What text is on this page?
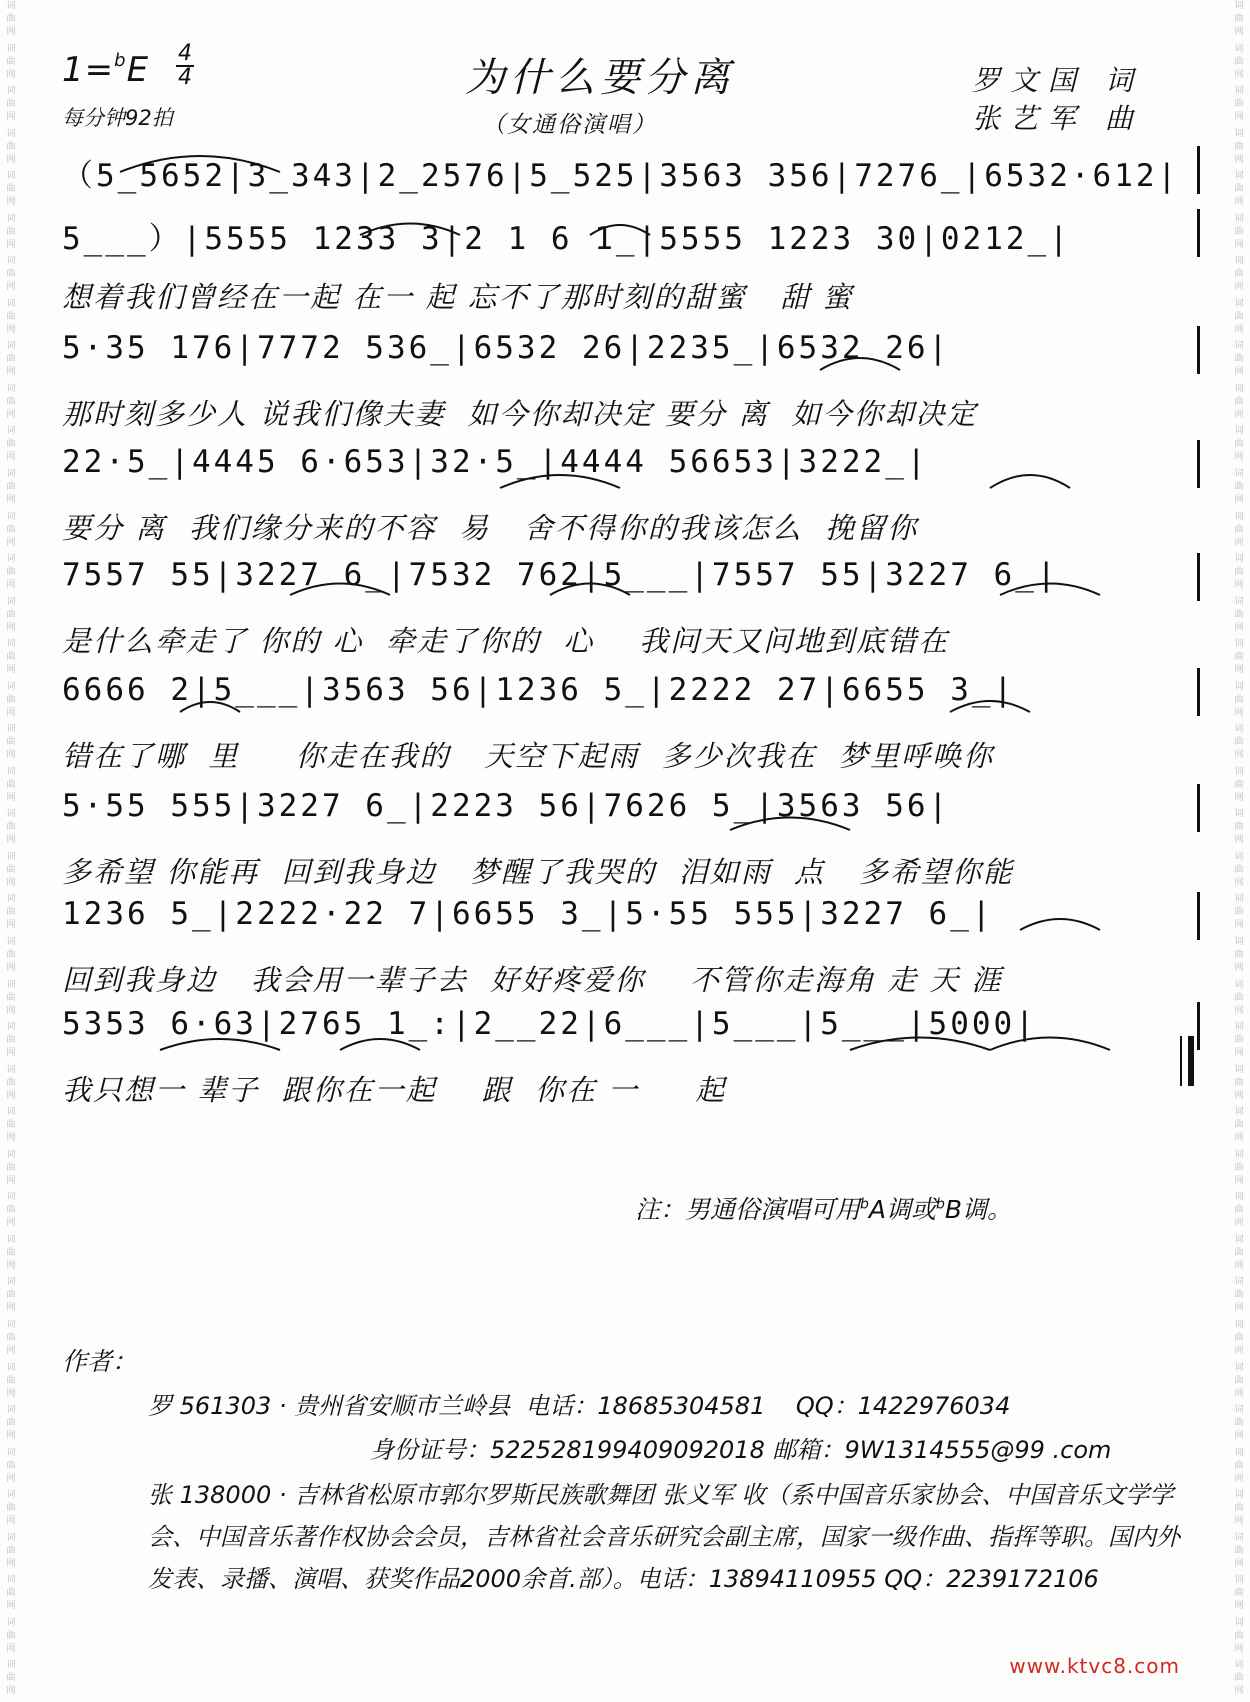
词
曲
网
词
曲
网
词
曲
网
词
曲
网
词
曲
网
词
曲
网
词
曲
网
词
曲
网
词
曲
网
词
曲
网
词
曲
网
词
曲
网
词
曲
网
词
曲
网
词
曲
网
词
曲
网
词
曲
网
词
曲
网
词
曲
网
词
曲
网
词
曲
网
词
曲
网
词
曲
网
词
曲
网
词
曲
网
词
曲
网
词
曲
网
词
曲
网
词
曲
网
词
曲
网
词
曲
网
词
曲
网
词
曲
网
词
曲
网
词
曲
网
词
曲
网
词
曲
网
词
曲
网
词
曲
网
词
曲
网
词
曲
网
词
曲
网
词
曲
网
词
曲
网
词
曲
网
词
曲
网
词
曲
网
词
曲
网
词
曲
网
词
曲
网
词
曲
网
词
曲
网
词
曲
网
词
曲
网
词
曲
网
词
曲
网
词
曲
网
词
曲
网
词
曲
网
词
曲
网
词
曲
网
词
曲
网
词
曲
网
词
曲
网
词
曲
网
词
曲
网
词
曲
网
词
曲
网
词
曲
网
词
曲
网
词
曲
网
词
曲
网
词
曲
网
词
曲
网
词
曲
网
词
曲
网
词
曲
网
词
曲
网
词
曲
网
词
曲
网
1=$^b$E 4
4
每分钟92拍
为什么要分离
（女通俗演唱）
罗文国 词
张艺军 曲
（5_5652|3_343|2_2576|5_525|3563 356|7276_|6532·612|
5___）|5555 1233 3|2 1 6 1_|5555 1223 30|0212_|
想着我们曾经在一起 在一 起 忘不了那时刻的甜蜜   甜 蜜
5·35 176|7772 536_|6532 26|2235_|6532 26|
那时刻多少人 说我们像夫妻  如今你却决定 要分 离  如今你却决定
22·5_|4445 6·653|32·5_|4444 56653|3222_|
要分 离  我们缘分来的不容  易   舍不得你的我该怎么  挽留你
7557 55|3227 6_|7532 762|5___|7557 55|3227 6_|
是什么牵走了 你的 心  牵走了你的  心    我问天又问地到底错在
6666 2|5___|3563 56|1236 5_|2222 27|6655 3_|
错在了哪  里     你走在我的   天空下起雨  多少次我在  梦里呼唤你
5·55 555|3227 6_|2223 56|7626 5_|3563 56|
多希望 你能再  回到我身边   梦醒了我哭的  泪如雨  点   多希望你能
1236 5_|2222·22 7|6655 3_|5·55 555|3227 6_|
回到我身边   我会用一辈子去  好好疼爱你    不管你走海角 走 天 涯
5353 6·63|2765 1_:|2__22|6___|5___|5___|5000|
我只想一 辈子  跟你在一起    跟  你在 一     起
注：男通俗演唱可用$^b$A调或$^b$B调。
作者：
罗 561303 · 贵州省安顺市兰岭县  电话：18685304581    QQ：1422976034
身份证号：522528199409092018 邮箱：9W1314555@99 .com
张 138000 · 吉林省松原市郭尔罗斯民族歌舞团 张义军 收（系中国音乐家协会、中国音乐文学学会、中国音乐著作权协会会员，吉林省社会音乐研究会副主席，国家一级作曲、指挥等职。国内外发表、录播、演唱、获奖作品2000余首.部）。电话：13894110955 QQ：2239172106
www.ktvc8.com
